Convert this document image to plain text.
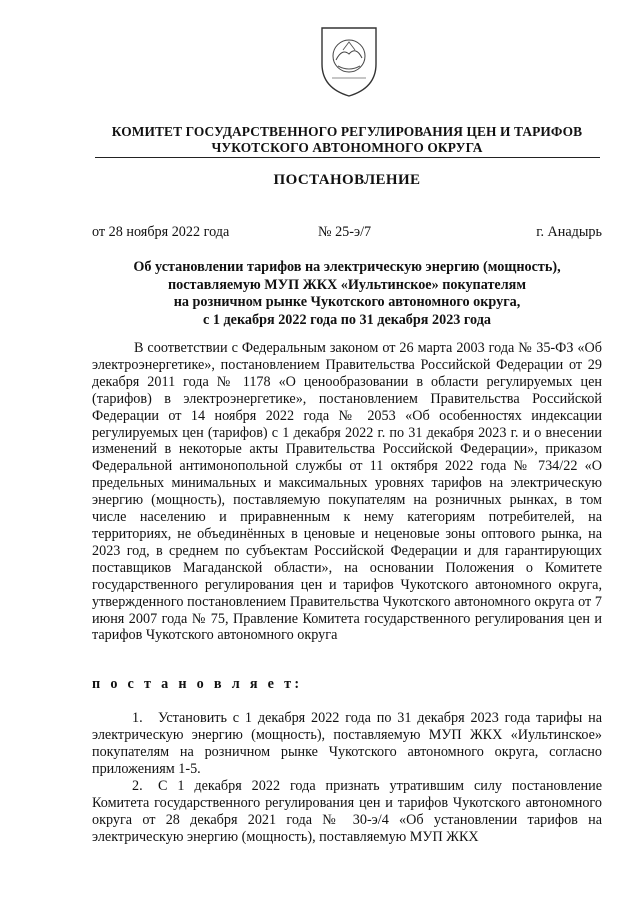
КОМИТЕТ ГОСУДАРСТВЕННОГО РЕГУЛИРОВАНИЯ ЦЕН И ТАРИФОВ
ЧУКОТСКОГО АВТОНОМНОГО ОКРУГА
ПОСТАНОВЛЕНИЕ
от 28 ноября 2022 года	№ 25-э/7	г. Анадырь
Об установлении тарифов на электрическую энергию (мощность),
поставляемую МУП ЖКХ «Иультинское» покупателям
на розничном рынке Чукотского автономного округа,
с 1 декабря 2022 года по 31 декабря 2023 года
В соответствии с Федеральным законом от 26 марта 2003 года № 35-ФЗ «Об электроэнергетике», постановлением Правительства Российской Федерации от 29 декабря 2011 года № 1178 «О ценообразовании в области регулируемых цен (тарифов) в электроэнергетике», постановлением Правительства Российской Федерации от 14 ноября 2022 года № 2053 «Об особенностях индексации регулируемых цен (тарифов) с 1 декабря 2022 г. по 31 декабря 2023 г. и о внесении изменений в некоторые акты Правительства Российской Федерации», приказом Федеральной антимонопольной службы от 11 октября 2022 года № 734/22 «О предельных минимальных и максимальных уровнях тарифов на электрическую энергию (мощность), поставляемую покупателям на розничных рынках, в том числе населению и приравненным к нему категориям потребителей, на территориях, не объединённых в ценовые и неценовые зоны оптового рынка, на 2023 год, в среднем по субъектам Российской Федерации и для гарантирующих поставщиков Магаданской области», на основании Положения о Комитете государственного регулирования цен и тарифов Чукотского автономного округа, утвержденного постановлением Правительства Чукотского автономного округа от 7 июня 2007 года № 75, Правление Комитета государственного регулирования цен и тарифов Чукотского автономного округа
п о с т а н о в л я е т:
1. Установить с 1 декабря 2022 года по 31 декабря 2023 года тарифы на электрическую энергию (мощность), поставляемую МУП ЖКХ «Иультинское» покупателям на розничном рынке Чукотского автономного округа, согласно приложениям 1-5.
2. С 1 декабря 2022 года признать утратившим силу постановление Комитета государственного регулирования цен и тарифов Чукотского автономного округа от 28 декабря 2021 года № 30-э/4 «Об установлении тарифов на электрическую энергию (мощность), поставляемую МУП ЖКХ
